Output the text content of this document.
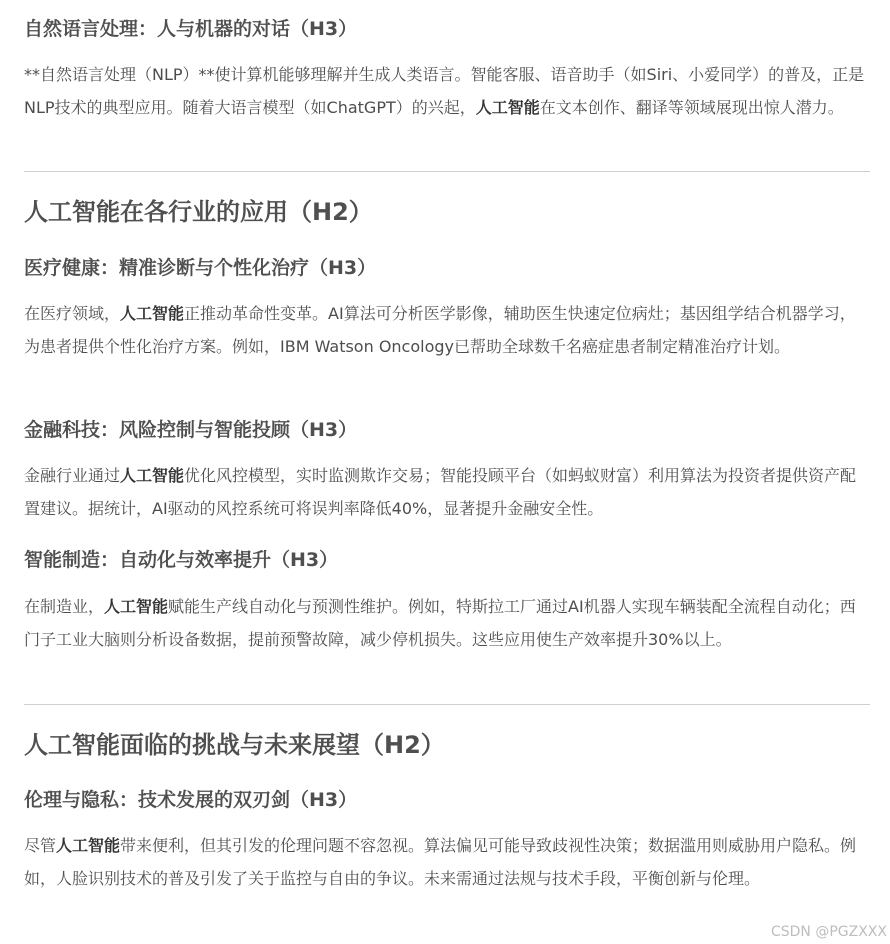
自然语言处理：人与机器的对话（H3）

**自然语言处理（NLP）**使计算机能够理解并生成人类语言。智能客服、语音助手（如Siri、小爱同学）的普及，正是NLP技术的典型应用。随着大语言模型（如ChatGPT）的兴起，人工智能在文本创作、翻译等领域展现出惊人潜力。

人工智能在各行业的应用（H2）
医疗健康：精准诊断与个性化治疗（H3）

在医疗领域，人工智能正推动革命性变革。AI算法可分析医学影像，辅助医生快速定位病灶；基因组学结合机器学习，为患者提供个性化治疗方案。例如，IBM Watson Oncology已帮助全球数千名癌症患者制定精准治疗计划。

金融科技：风险控制与智能投顾（H3）

金融行业通过人工智能优化风控模型，实时监测欺诈交易；智能投顾平台（如蚂蚁财富）利用算法为投资者提供资产配置建议。据统计，AI驱动的风控系统可将误判率降低40%，显著提升金融安全性。

智能制造：自动化与效率提升（H3）

在制造业，人工智能赋能生产线自动化与预测性维护。例如，特斯拉工厂通过AI机器人实现车辆装配全流程自动化；西门子工业大脑则分析设备数据，提前预警故障，减少停机损失。这些应用使生产效率提升30%以上。

人工智能面临的挑战与未来展望（H2）
伦理与隐私：技术发展的双刃剑（H3）

尽管人工智能带来便利，但其引发的伦理问题不容忽视。算法偏见可能导致歧视性决策；数据滥用则威胁用户隐私。例如，人脸识别技术的普及引发了关于监控与自由的争议。未来需通过法规与技术手段，平衡创新与伦理。

CSDN @PGZXXX
